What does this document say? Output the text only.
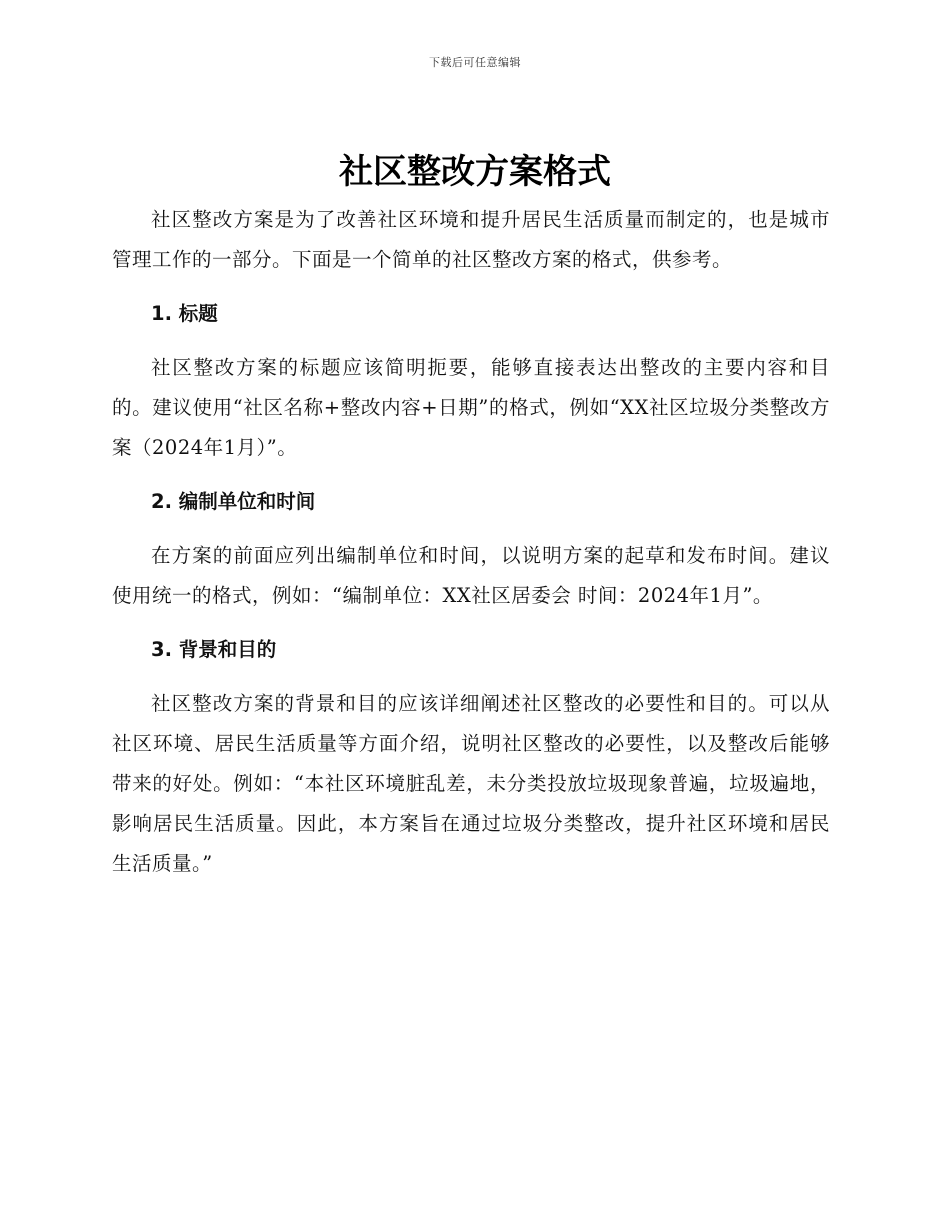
下载后可任意编辑
社区整改方案格式

社区整改方案是为了改善社区环境和提升居民生活质量而制定的，也是城市管理工作的一部分。下面是一个简单的社区整改方案的格式，供参考。

1. 标题

社区整改方案的标题应该简明扼要，能够直接表达出整改的主要内容和目的。建议使用“社区名称+整改内容+日期”的格式，例如“XX社区垃圾分类整改方案（2024年1月）”。

2. 编制单位和时间

在方案的前面应列出编制单位和时间，以说明方案的起草和发布时间。建议使用统一的格式，例如：“编制单位：XX社区居委会 时间：2024年1月”。

3. 背景和目的

社区整改方案的背景和目的应该详细阐述社区整改的必要性和目的。可以从社区环境、居民生活质量等方面介绍，说明社区整改的必要性，以及整改后能够带来的好处。例如：“本社区环境脏乱差，未分类投放垃圾现象普遍，垃圾遍地，影响居民生活质量。因此，本方案旨在通过垃圾分类整改，提升社区环境和居民生活质量。”
